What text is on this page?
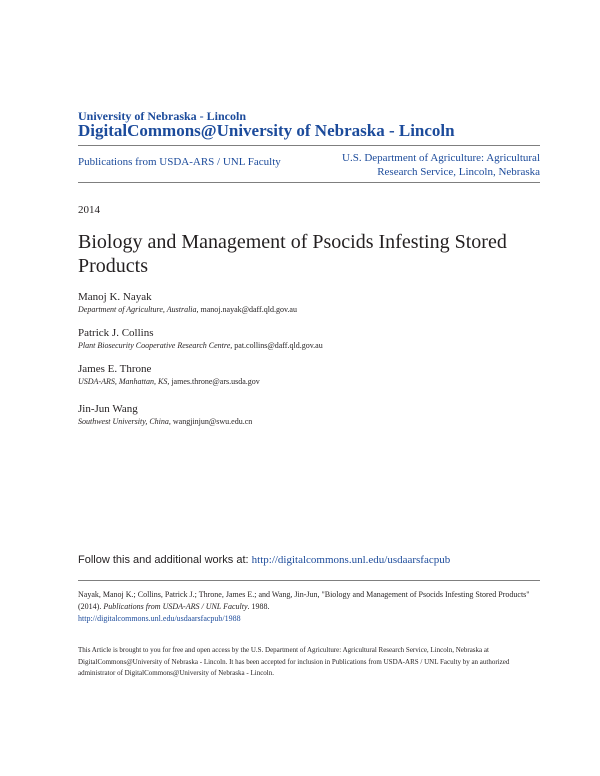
University of Nebraska - Lincoln
DigitalCommons@University of Nebraska - Lincoln
Publications from USDA-ARS / UNL Faculty	U.S. Department of Agriculture: Agricultural Research Service, Lincoln, Nebraska
2014
Biology and Management of Psocids Infesting Stored Products
Manoj K. Nayak
Department of Agriculture, Australia, manoj.nayak@daff.qld.gov.au
Patrick J. Collins
Plant Biosecurity Cooperative Research Centre, pat.collins@daff.qld.gov.au
James E. Throne
USDA-ARS, Manhattan, KS, james.throne@ars.usda.gov
Jin-Jun Wang
Southwest University, China, wangjinjun@swu.edu.cn
Follow this and additional works at: http://digitalcommons.unl.edu/usdaarsfacpub
Nayak, Manoj K.; Collins, Patrick J.; Throne, James E.; and Wang, Jin-Jun, "Biology and Management of Psocids Infesting Stored Products" (2014). Publications from USDA-ARS / UNL Faculty. 1988.
http://digitalcommons.unl.edu/usdaarsfacpub/1988
This Article is brought to you for free and open access by the U.S. Department of Agriculture: Agricultural Research Service, Lincoln, Nebraska at DigitalCommons@University of Nebraska - Lincoln. It has been accepted for inclusion in Publications from USDA-ARS / UNL Faculty by an authorized administrator of DigitalCommons@University of Nebraska - Lincoln.
